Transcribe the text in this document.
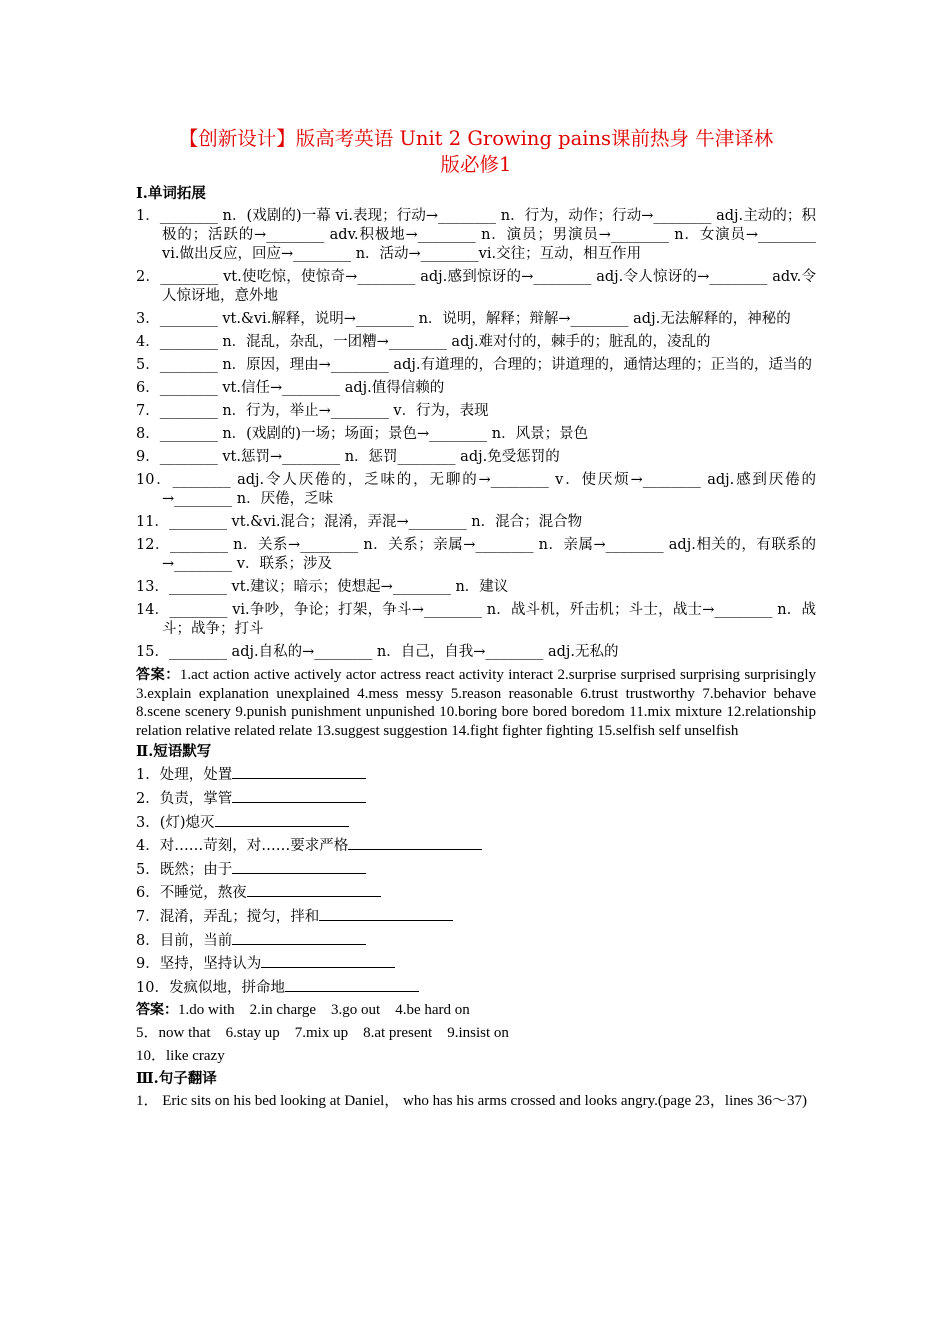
【创新设计】版高考英语 Unit 2 Growing pains课前热身 牛津译林
版必修1
Ⅰ.单词拓展
1．________ n．(戏剧的)一幕 vi.表现；行动→________ n．行为，动作；行动→________ adj.主动的；积极的；活跃的→________ adv.积极地→________ n．演员；男演员→________ n．女演员→________ vi.做出反应，回应→________ n．活动→________vi.交往；互动，相互作用
2．________ vt.使吃惊，使惊奇→________ adj.感到惊讶的→________ adj.令人惊讶的→________ adv.令人惊讶地，意外地
3．________ vt.&vi.解释，说明→________ n．说明，解释；辩解→________ adj.无法解释的，神秘的
4．________ n．混乱，杂乱，一团糟→________ adj.难对付的，棘手的；脏乱的，凌乱的
5．________ n．原因，理由→________ adj.有道理的，合理的；讲道理的，通情达理的；正当的，适当的
6．________ vt.信任→________ adj.值得信赖的
7．________ n．行为，举止→________ v．行为，表现
8．________ n．(戏剧的)一场；场面；景色→________ n．风景；景色
9．________ vt.惩罚→________ n．惩罚________ adj.免受惩罚的
10．________ adj.令人厌倦的，乏味的，无聊的→________ v．使厌烦→________ adj.感到厌倦的→________ n．厌倦，乏味
11．________ vt.&vi.混合；混淆，弄混→________ n．混合；混合物
12．________ n．关系→________ n．关系；亲属→________ n．亲属→________ adj.相关的，有联系的→________ v．联系；涉及
13．________ vt.建议；暗示；使想起→________ n．建议
14．________ vi.争吵，争论；打架，争斗→________ n．战斗机，歼击机；斗士，战士→________ n．战斗；战争；打斗
15．________ adj.自私的→________ n．自己，自我→________ adj.无私的
答案：1.act action active actively actor actress react activity interact 2.surprise surprised surprising surprisingly 3.explain explanation unexplained 4.mess messy 5.reason reasonable 6.trust trustworthy 7.behavior behave 8.scene scenery 9.punish punishment unpunished 10.boring bore bored boredom 11.mix mixture 12.relationship relation relative related relate 13.suggest suggestion 14.fight fighter fighting 15.selfish self unselfish
Ⅱ.短语默写
1．处理，处置
2．负责，掌管
3．(灯)熄灭
4．对……苛刻，对……要求严格
5．既然；由于
6．不睡觉，熬夜
7．混淆，弄乱；搅匀，拌和
8．目前，当前
9．坚持，坚持认为
10．发疯似地，拼命地
答案：1.do with　2.in charge　3.go out　4.be hard on
5．now that　6.stay up　7.mix up　8.at present　9.insist on
10．like crazy
Ⅲ.句子翻译
1． Eric sits on his bed looking at Daniel， who has his arms crossed and looks angry.(page 23，lines 36～37)
